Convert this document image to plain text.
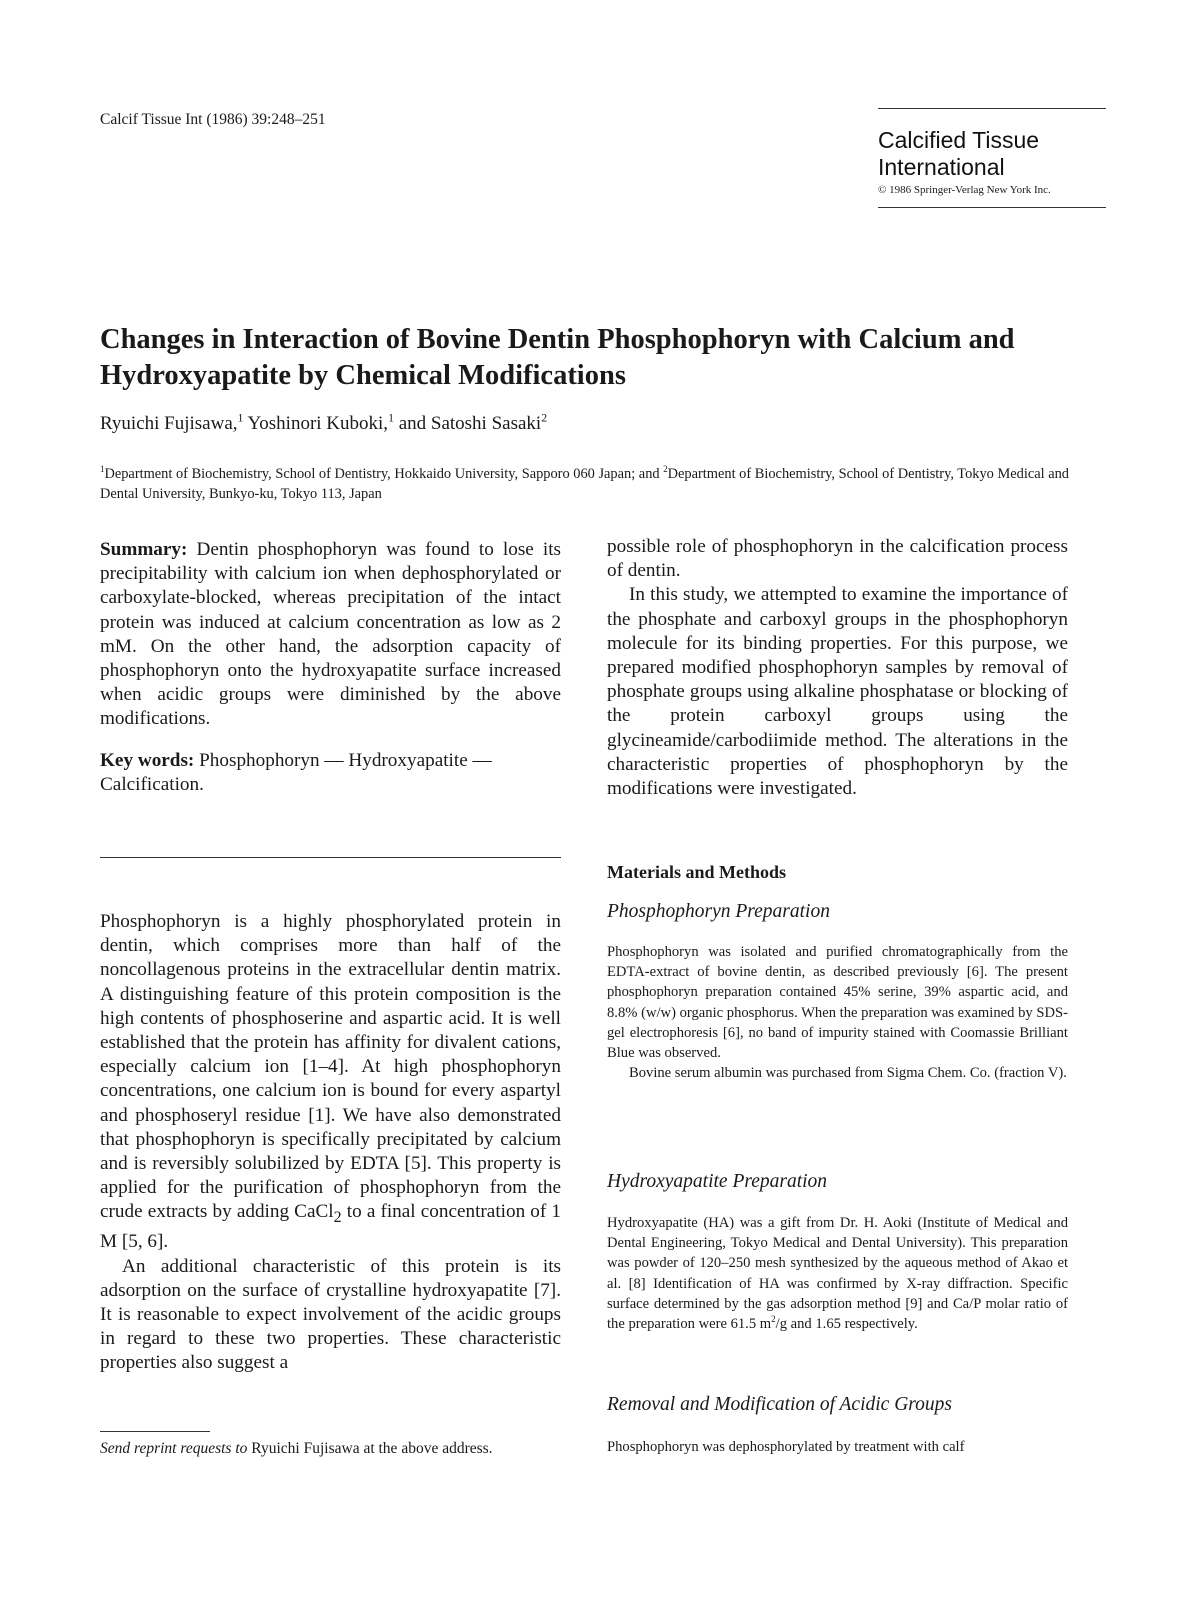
Calcif Tissue Int (1986) 39:248–251
Calcified Tissue
International
© 1986 Springer-Verlag New York Inc.
Changes in Interaction of Bovine Dentin Phosphophoryn with Calcium and Hydroxyapatite by Chemical Modifications
Ryuichi Fujisawa,$^1$ Yoshinori Kuboki,$^1$ and Satoshi Sasaki$^2$
$^1$Department of Biochemistry, School of Dentistry, Hokkaido University, Sapporo 060 Japan; and $^2$Department of Biochemistry, School of Dentistry, Tokyo Medical and Dental University, Bunkyo-ku, Tokyo 113, Japan

Summary: Dentin phosphophoryn was found to lose its precipitability with calcium ion when dephosphorylated or carboxylate-blocked, whereas precipitation of the intact protein was induced at calcium concentration as low as 2 mM. On the other hand, the adsorption capacity of phosphophoryn onto the hydroxyapatite surface increased when acidic groups were diminished by the above modifications.

Key words: Phosphophoryn — Hydroxyapatite — Calcification.

Phosphophoryn is a highly phosphorylated protein in dentin, which comprises more than half of the noncollagenous proteins in the extracellular dentin matrix. A distinguishing feature of this protein composition is the high contents of phosphoserine and aspartic acid. It is well established that the protein has affinity for divalent cations, especially calcium ion [1–4]. At high phosphophoryn concentrations, one calcium ion is bound for every aspartyl and phosphoseryl residue [1]. We have also demonstrated that phosphophoryn is specifically precipitated by calcium and is reversibly solubilized by EDTA [5]. This property is applied for the purification of phosphophoryn from the crude extracts by adding CaCl$_2$ to a final concentration of 1 M [5, 6].

An additional characteristic of this protein is its adsorption on the surface of crystalline hydroxyapatite [7]. It is reasonable to expect involvement of the acidic groups in regard to these two properties. These characteristic properties also suggest a

Send reprint requests to Ryuichi Fujisawa at the above address.

possible role of phosphophoryn in the calcification process of dentin.

In this study, we attempted to examine the importance of the phosphate and carboxyl groups in the phosphophoryn molecule for its binding properties. For this purpose, we prepared modified phosphophoryn samples by removal of phosphate groups using alkaline phosphatase or blocking of the protein carboxyl groups using the glycineamide/carbodiimide method. The alterations in the characteristic properties of phosphophoryn by the modifications were investigated.

Materials and Methods
Phosphophoryn Preparation

Phosphophoryn was isolated and purified chromatographically from the EDTA-extract of bovine dentin, as described previously [6]. The present phosphophoryn preparation contained 45% serine, 39% aspartic acid, and 8.8% (w/w) organic phosphorus. When the preparation was examined by SDS-gel electrophoresis [6], no band of impurity stained with Coomassie Brilliant Blue was observed.

Bovine serum albumin was purchased from Sigma Chem. Co. (fraction V).

Hydroxyapatite Preparation

Hydroxyapatite (HA) was a gift from Dr. H. Aoki (Institute of Medical and Dental Engineering, Tokyo Medical and Dental University). This preparation was powder of 120–250 mesh synthesized by the aqueous method of Akao et al. [8] Identification of HA was confirmed by X-ray diffraction. Specific surface determined by the gas adsorption method [9] and Ca/P molar ratio of the preparation were 61.5 $m^2/g$ and 1.65 respectively.

Removal and Modification of Acidic Groups

Phosphophoryn was dephosphorylated by treatment with calf
